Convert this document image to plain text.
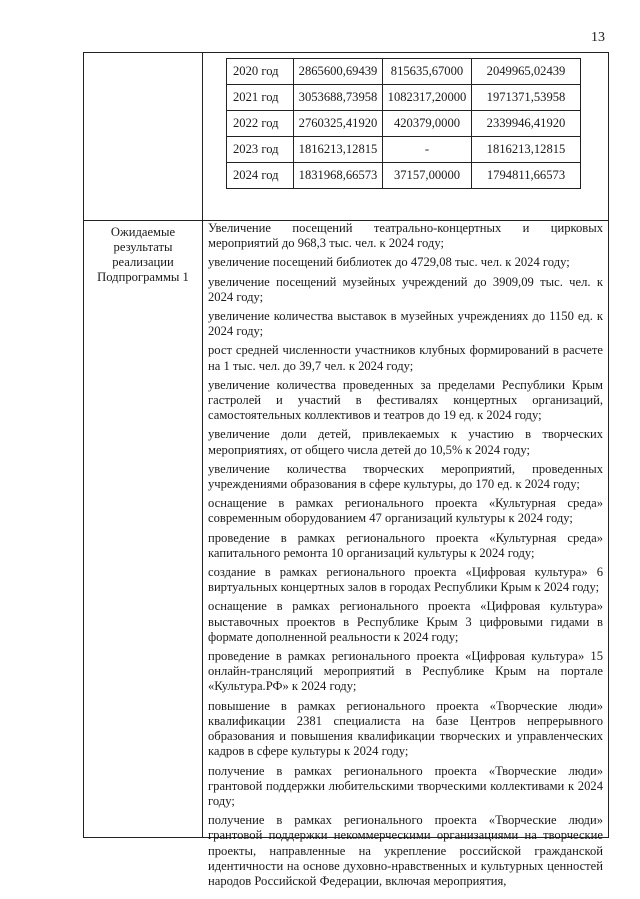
13
2020 год	2865600,69439	815635,67000	2049965,02439
2021 год	3053688,73958	1082317,20000	1971371,53958
2022 год	2760325,41920	420379,0000	2339946,41920
2023 год	1816213,12815	-	1816213,12815
2024 год	1831968,66573	37157,00000	1794811,66573
Ожидаемые результаты реализации Подпрограммы 1

Увеличение посещений театрально-концертных и цирковых мероприятий до 968,3 тыс. чел. к 2024 году;

увеличение посещений библиотек до 4729,08 тыс. чел. к 2024 году;

увеличение посещений музейных учреждений до 3909,09 тыс. чел. к 2024 году;

увеличение количества выставок в музейных учреждениях до 1150 ед. к 2024 году;

рост средней численности участников клубных формирований в расчете на 1 тыс. чел. до 39,7 чел. к 2024 году;

увеличение количества проведенных за пределами Республики Крым гастролей и участий в фестивалях концертных организаций, самостоятельных коллективов и театров до 19 ед. к 2024 году;

увеличение доли детей, привлекаемых к участию в творческих мероприятиях, от общего числа детей до 10,5% к 2024 году;

увеличение количества творческих мероприятий, проведенных учреждениями образования в сфере культуры, до 170 ед. к 2024 году;

оснащение в рамках регионального проекта «Культурная среда» современным оборудованием 47 организаций культуры к 2024 году;

проведение в рамках регионального проекта «Культурная среда» капитального ремонта 10 организаций культуры к 2024 году;

создание в рамках регионального проекта «Цифровая культура» 6 виртуальных концертных залов в городах Республики Крым к 2024 году;

оснащение в рамках регионального проекта «Цифровая культура» выставочных проектов в Республике Крым 3 цифровыми гидами в формате дополненной реальности к 2024 году;

проведение в рамках регионального проекта «Цифровая культура» 15 онлайн-трансляций мероприятий в Республике Крым на портале «Культура.РФ» к 2024 году;

повышение в рамках регионального проекта «Творческие люди» квалификации 2381 специалиста на базе Центров непрерывного образования и повышения квалификации творческих и управленческих кадров в сфере культуры к 2024 году;

получение в рамках регионального проекта «Творческие люди» грантовой поддержки любительскими творческими коллективами к 2024 году;

получение в рамках регионального проекта «Творческие люди» грантовой поддержки некоммерческими организациями на творческие проекты, направленные на укрепление российской гражданской идентичности на основе духовно-нравственных и культурных ценностей народов Российской Федерации, включая мероприятия,
